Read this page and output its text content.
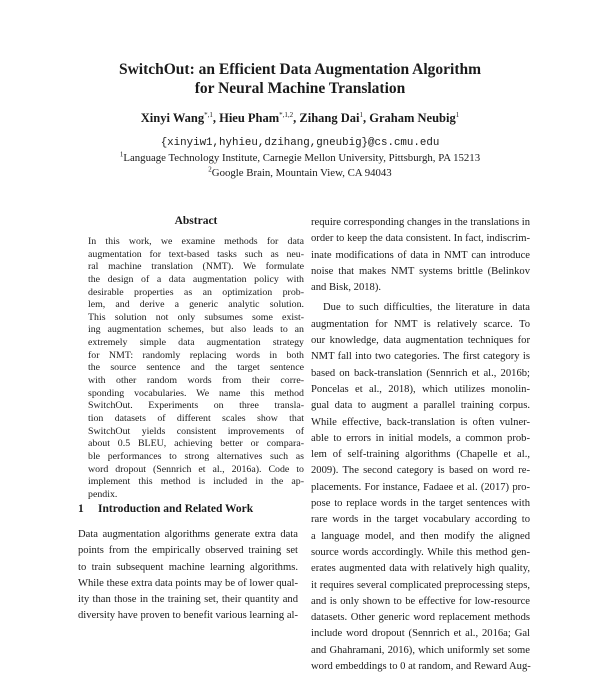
SwitchOut: an Efficient Data Augmentation Algorithm
for Neural Machine Translation
Xinyi Wang$^{*,1}$, Hieu Pham$^{*,1,2}$, Zihang Dai$^1$, Graham Neubig$^1$
{xinyiw1,hyhieu,dzihang,gneubig}@cs.cmu.edu
$^1$Language Technology Institute, Carnegie Mellon University, Pittsburgh, PA 15213
$^2$Google Brain, Mountain View, CA 94043
Abstract
In this work, we examine methods for data
augmentation for text-based tasks such as neu-
ral machine translation (NMT). We formulate
the design of a data augmentation policy with
desirable properties as an optimization prob-
lem, and derive a generic analytic solution.
This solution not only subsumes some exist-
ing augmentation schemes, but also leads to an
extremely simple data augmentation strategy
for NMT: randomly replacing words in both
the source sentence and the target sentence
with other random words from their corre-
sponding vocabularies. We name this method
SwitchOut. Experiments on three transla-
tion datasets of different scales show that
SwitchOut yields consistent improvements of
about 0.5 BLEU, achieving better or compara-
ble performances to strong alternatives such as
word dropout (Sennrich et al., 2016a). Code to
implement this method is included in the ap-
pendix.
1 Introduction and Related Work
Data augmentation algorithms generate extra data
points from the empirically observed training set
to train subsequent machine learning algorithms.
While these extra data points may be of lower qual-
ity than those in the training set, their quantity and
diversity have proven to benefit various learning al-
require corresponding changes in the translations in
order to keep the data consistent. In fact, indiscrim-
inate modifications of data in NMT can introduce
noise that makes NMT systems brittle (Belinkov
and Bisk, 2018).
Due to such difficulties, the literature in data
augmentation for NMT is relatively scarce. To
our knowledge, data augmentation techniques for
NMT fall into two categories. The first category is
based on back-translation (Sennrich et al., 2016b;
Poncelas et al., 2018), which utilizes monolin-
gual data to augment a parallel training corpus.
While effective, back-translation is often vulner-
able to errors in initial models, a common prob-
lem of self-training algorithms (Chapelle et al.,
2009). The second category is based on word re-
placements. For instance, Fadaee et al. (2017) pro-
pose to replace words in the target sentences with
rare words in the target vocabulary according to
a language model, and then modify the aligned
source words accordingly. While this method gen-
erates augmented data with relatively high quality,
it requires several complicated preprocessing steps,
and is only shown to be effective for low-resource
datasets. Other generic word replacement methods
include word dropout (Sennrich et al., 2016a; Gal
and Ghahramani, 2016), which uniformly set some
word embeddings to 0 at random, and Reward Aug-
